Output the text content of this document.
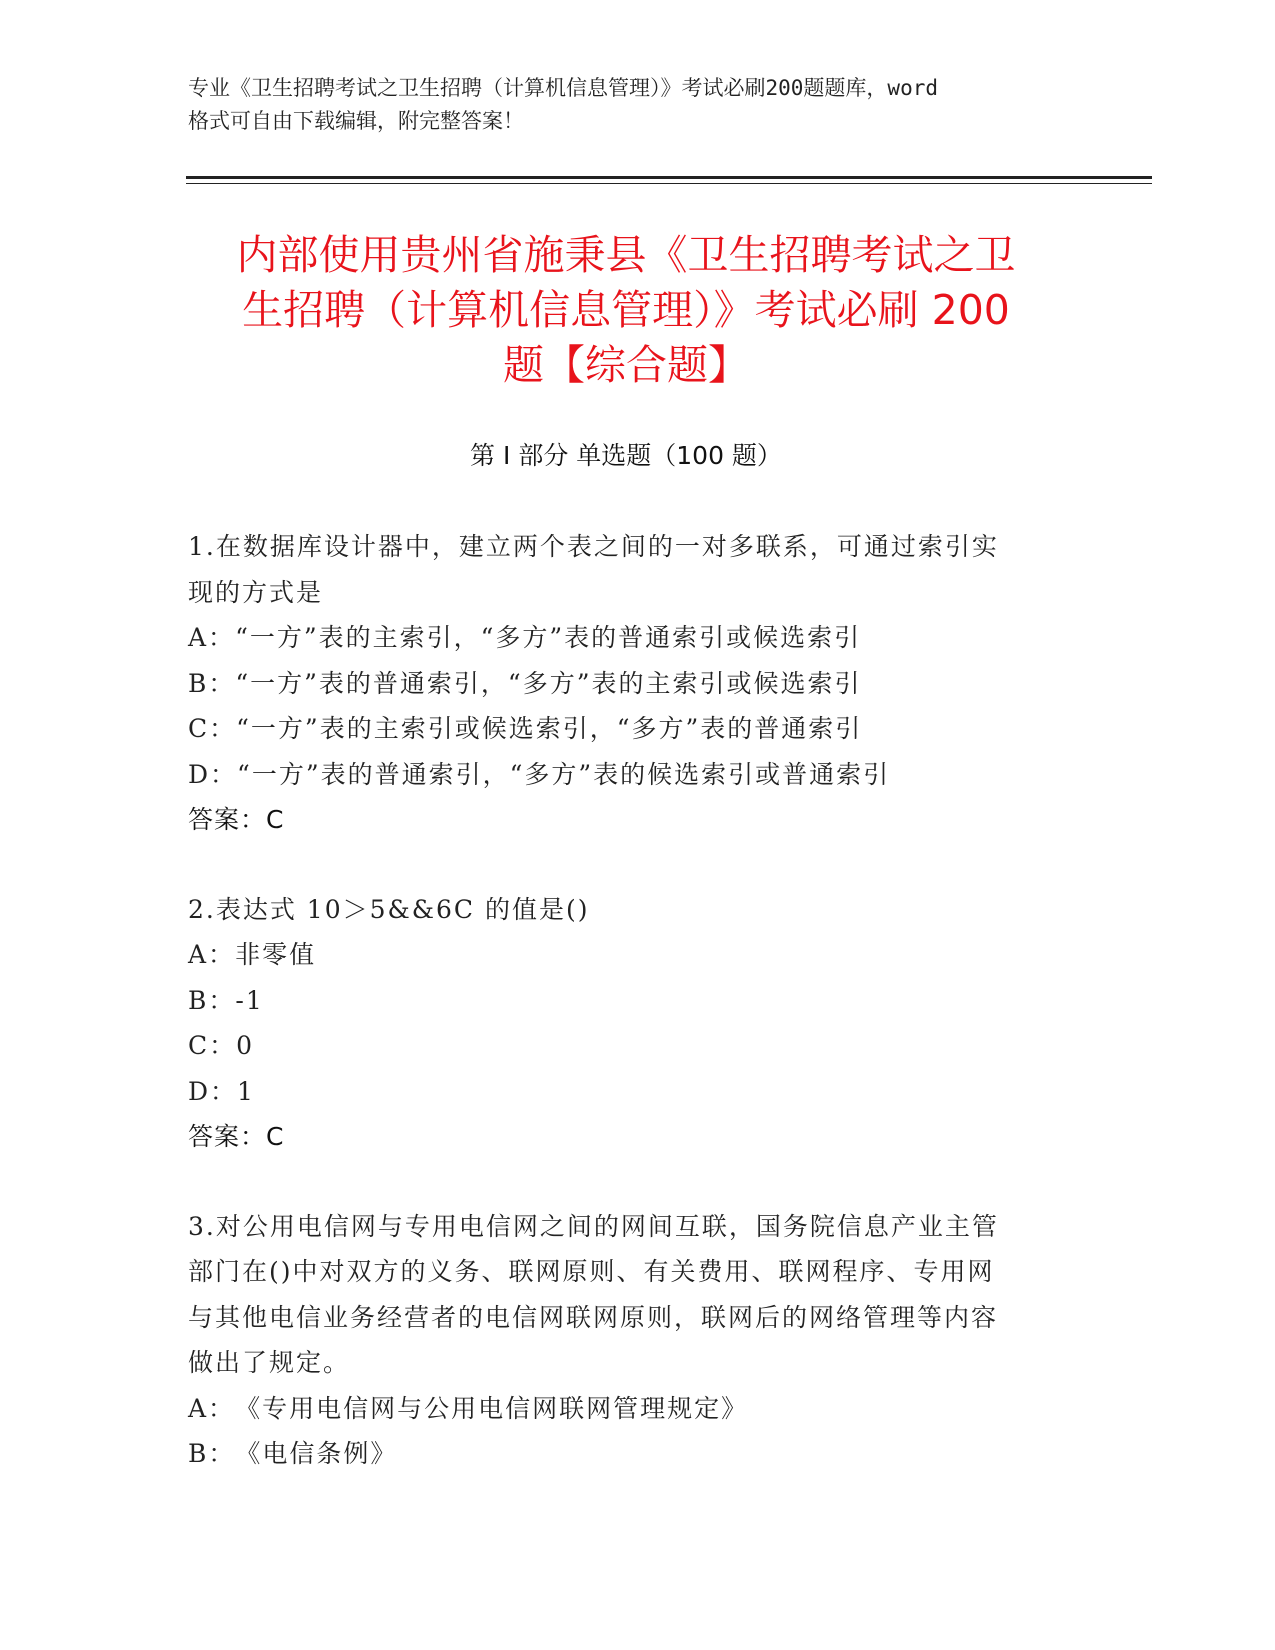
专业《卫生招聘考试之卫生招聘（计算机信息管理）》考试必刷200题题库，word
格式可自由下载编辑，附完整答案！
内部使用贵州省施秉县《卫生招聘考试之卫
生招聘（计算机信息管理）》考试必刷 200
题【综合题】
第 I 部分 单选题（100 题）
1.在数据库设计器中，建立两个表之间的一对多联系，可通过索引实
现的方式是
A：“一方”表的主索引，“多方”表的普通索引或候选索引
B：“一方”表的普通索引，“多方”表的主索引或候选索引
C：“一方”表的主索引或候选索引，“多方”表的普通索引
D：“一方”表的普通索引，“多方”表的候选索引或普通索引
答案：C
2.表达式 10＞5&&6C 的值是()
A：非零值
B：-1
C：0
D：1
答案：C
3.对公用电信网与专用电信网之间的网间互联，国务院信息产业主管
部门在()中对双方的义务、联网原则、有关费用、联网程序、专用网
与其他电信业务经营者的电信网联网原则，联网后的网络管理等内容
做出了规定。
A：《专用电信网与公用电信网联网管理规定》
B：《电信条例》
